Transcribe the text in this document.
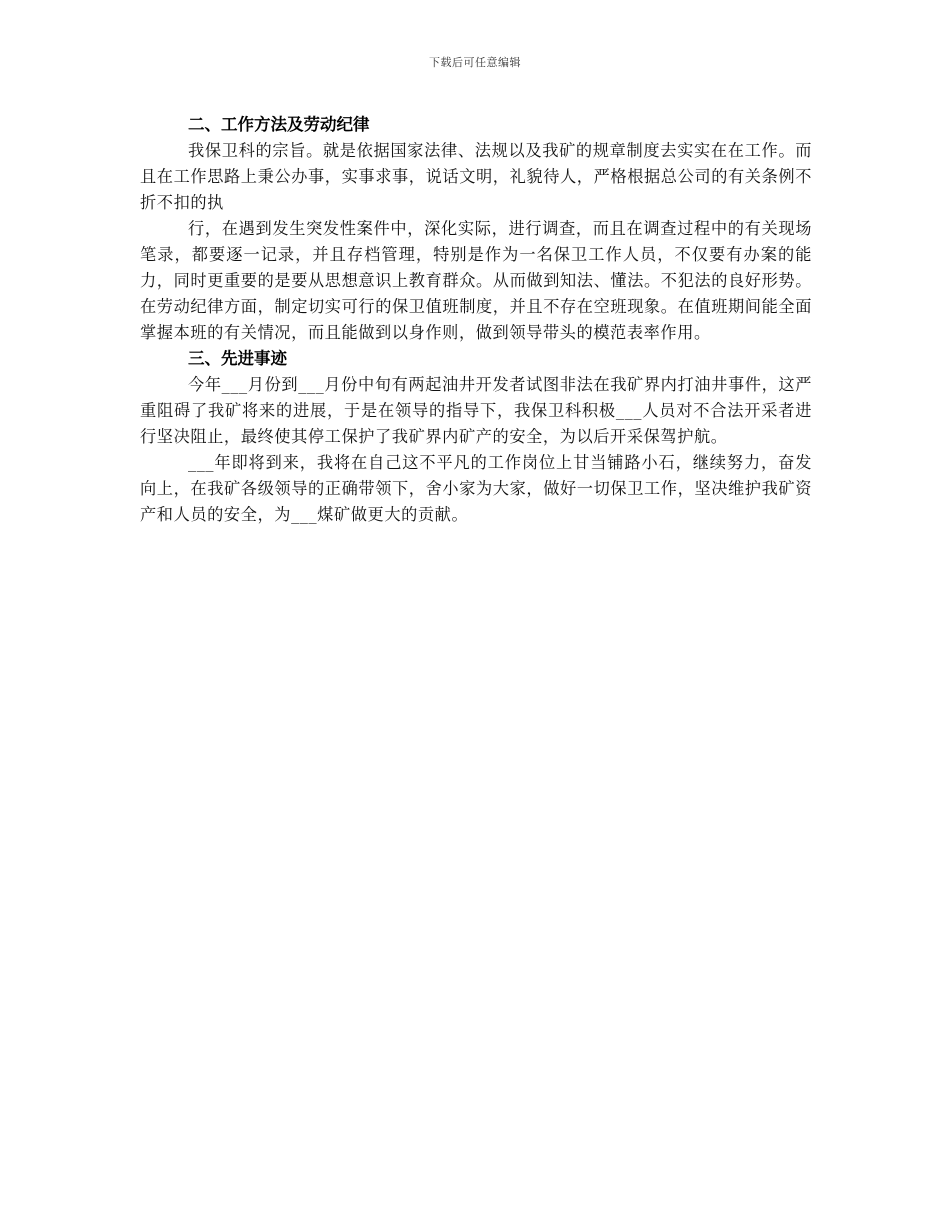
下载后可任意编辑

二、工作方法及劳动纪律

我保卫科的宗旨。就是依据国家法律、法规以及我矿的规章制度去实实在在工作。而且在工作思路上秉公办事，实事求事，说话文明，礼貌待人，严格根据总公司的有关条例不折不扣的执

行，在遇到发生突发性案件中，深化实际，进行调查，而且在调查过程中的有关现场笔录，都要逐一记录，并且存档管理，特别是作为一名保卫工作人员，不仅要有办案的能力，同时更重要的是要从思想意识上教育群众。从而做到知法、懂法。不犯法的良好形势。在劳动纪律方面，制定切实可行的保卫值班制度，并且不存在空班现象。在值班期间能全面掌握本班的有关情况，而且能做到以身作则，做到领导带头的模范表率作用。

三、先进事迹

今年___月份到___月份中旬有两起油井开发者试图非法在我矿界内打油井事件，这严重阻碍了我矿将来的进展，于是在领导的指导下，我保卫科积极___人员对不合法开采者进行坚决阻止，最终使其停工保护了我矿界内矿产的安全，为以后开采保驾护航。

___年即将到来，我将在自己这不平凡的工作岗位上甘当铺路小石，继续努力，奋发向上，在我矿各级领导的正确带领下，舍小家为大家，做好一切保卫工作，坚决维护我矿资产和人员的安全，为___煤矿做更大的贡献。
